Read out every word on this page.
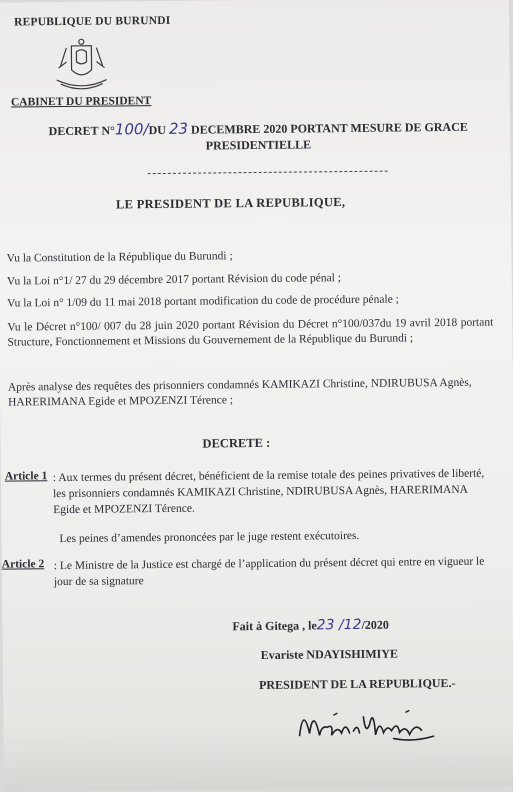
REPUBLIQUE DU BURUNDI
CABINET DU PRESIDENT
DECRET N°100/DU 23 DECEMBRE 2020 PORTANT MESURE DE GRACE PRESIDENTIELLE
LE PRESIDENT DE LA REPUBLIQUE,
Vu la Constitution de la République du Burundi ;
Vu la Loi n°1/ 27 du 29 décembre 2017 portant Révision du code pénal ;
Vu la Loi n° 1/09 du 11 mai 2018 portant modification du code de procédure pénale ;
Vu le Décret n°100/ 007 du 28 juin 2020 portant Révision du Décret n°100/037du 19 avril 2018 portant Structure, Fonctionnement et Missions du Gouvernement de la République du Burundi ;
Après analyse des requêtes des prisonniers condamnés KAMIKAZI Christine, NDIRUBUSA Agnès, HARERIMANA Egide et MPOZENZI Térence ;
DECRETE :
Article 1 : Aux termes du présent décret, bénéficient de la remise totale des peines privatives de liberté, les prisonniers condamnés KAMIKAZI Christine, NDIRUBUSA Agnès, HARERIMANA Egide et MPOZENZI Térence.
Les peines d’amendes prononcées par le juge restent exécutoires.
Article 2 : Le Ministre de la Justice est chargé de l’application du présent décret qui entre en vigueur le jour de sa signature
Fait à Gitega , le23 /12/2020
Evariste NDAYISHIMIYE
PRESIDENT DE LA REPUBLIQUE.-
